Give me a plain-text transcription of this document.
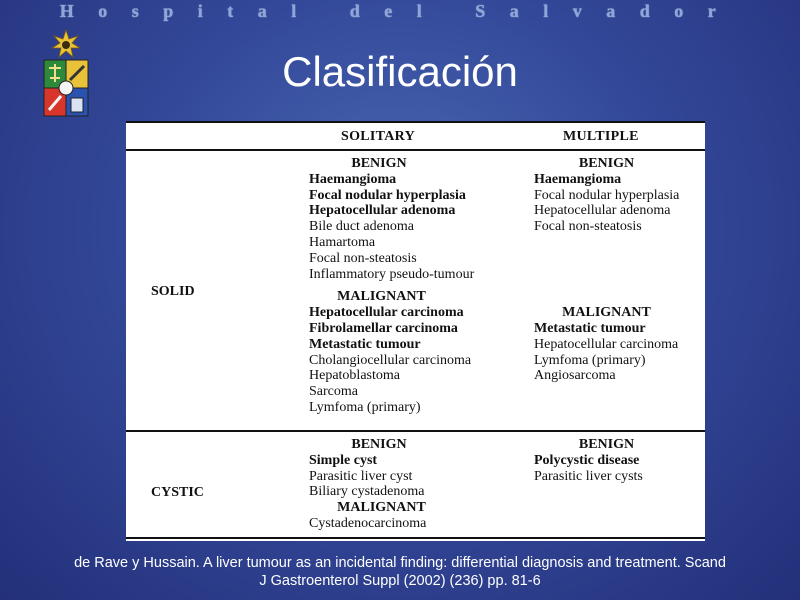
Hospital del Salvador
Clasificación
SOLITARY	MULTIPLE
SOLID
BENIGN
Haemangioma
Focal nodular hyperplasia
Hepatocellular adenoma
Bile duct adenoma
Hamartoma
Focal non-steatosis
Inflammatory pseudo-tumour
MALIGNANT
Hepatocellular carcinoma
Fibrolamellar carcinoma
Metastatic tumour
Cholangiocellular carcinoma
Hepatoblastoma
Sarcoma
Lymfoma (primary)
BENIGN
Haemangioma
Focal nodular hyperplasia
Hepatocellular adenoma
Focal non-steatosis
MALIGNANT
Metastatic tumour
Hepatocellular carcinoma
Lymfoma (primary)
Angiosarcoma
CYSTIC
BENIGN
Simple cyst
Parasitic liver cyst
Biliary cystadenoma
MALIGNANT
Cystadenocarcinoma
BENIGN
Polycystic disease
Parasitic liver cysts
de Rave y Hussain. A liver tumour as an incidental finding: differential diagnosis and treatment. Scand
J Gastroenterol Suppl (2002) (236) pp. 81-6
